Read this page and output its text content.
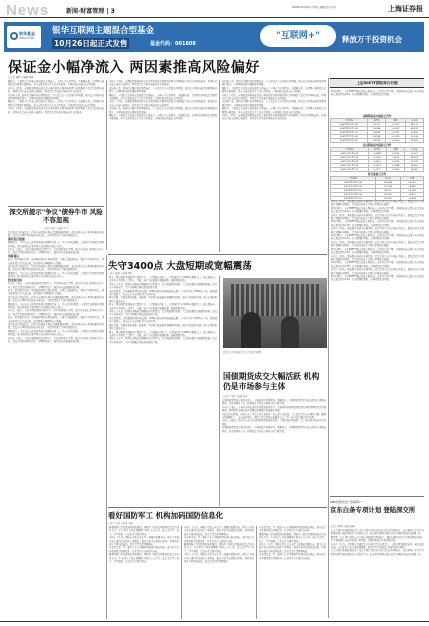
News	新闻·财富管理 | 3
2008年10月10日 星期五 编辑 版式 校对	上海证券报
银华基金
YINHUA FUND
银华互联网主题混合型基金
10月26日起正式发售	基金代码：001808
"互联网+"	释放万千投资机会
保证金小幅净流入 两因素推高风险偏好
○记者 黄嫣 ○编辑 刘畅

据统计，上周投资者证券交易结算资金净流入，市场人气有所回升。从数据来看，沪深两市新增投资者数量小幅增加，参与交易的投资者占比有所提高，市场活跃度较此前有所改善。

分析人士指出，宏观政策预期向好以及市场估值处于相对低位两大因素推高了投资者的风险偏好，短期内资金流入态势有望延续，但仍需关注外部市场波动带来的扰动。

从结构上看，机构资金继续保持谨慎态度，个人投资者入市意愿有所增强，部分资金开始向低估值蓝筹板块集中，市场风格或将出现阶段性切换。

据统计，上周投资者证券交易结算资金净流入，市场人气有所回升。从数据来看，沪深两市新增投资者数量小幅增加，参与交易的投资者占比有所提高，市场活跃度较此前有所改善。

分析人士指出，宏观政策预期向好以及市场估值处于相对低位两大因素推高了投资者的风险偏好，短期内资金流入态势有望延续，但仍需关注外部市场波动带来的扰动。

分析人士指出，宏观政策预期向好以及市场估值处于相对低位两大因素推高了投资者的风险偏好，短期内资金流入态势有望延续，但仍需关注外部市场波动带来的扰动。

从结构上看，机构资金继续保持谨慎态度，个人投资者入市意愿有所增强，部分资金开始向低估值蓝筹板块集中，市场风格或将出现阶段性切换。

据统计，上周投资者证券交易结算资金净流入，市场人气有所回升。从数据来看，沪深两市新增投资者数量小幅增加，参与交易的投资者占比有所提高，市场活跃度较此前有所改善。

分析人士指出，宏观政策预期向好以及市场估值处于相对低位两大因素推高了投资者的风险偏好，短期内资金流入态势有望延续，但仍需关注外部市场波动带来的扰动。

从结构上看，机构资金继续保持谨慎态度，个人投资者入市意愿有所增强，部分资金开始向低估值蓝筹板块集中，市场风格或将出现阶段性切换。

据统计，上周投资者证券交易结算资金净流入，市场人气有所回升。从数据来看，沪深两市新增投资者数量小幅增加，参与交易的投资者占比有所提高，市场活跃度较此前有所改善。

从结构上看，机构资金继续保持谨慎态度，个人投资者入市意愿有所增强，部分资金开始向低估值蓝筹板块集中，市场风格或将出现阶段性切换。

据统计，上周投资者证券交易结算资金净流入，市场人气有所回升。从数据来看，沪深两市新增投资者数量小幅增加，参与交易的投资者占比有所提高，市场活跃度较此前有所改善。

分析人士指出，宏观政策预期向好以及市场估值处于相对低位两大因素推高了投资者的风险偏好，短期内资金流入态势有望延续，但仍需关注外部市场波动带来的扰动。

从结构上看，机构资金继续保持谨慎态度，个人投资者入市意愿有所增强，部分资金开始向低估值蓝筹板块集中，市场风格或将出现阶段性切换。

据统计，上周投资者证券交易结算资金净流入，市场人气有所回升。从数据来看，沪深两市新增投资者数量小幅增加，参与交易的投资者占比有所提高，市场活跃度较此前有所改善。

分析人士指出，宏观政策预期向好以及市场估值处于相对低位两大因素推高了投资者的风险偏好，短期内资金流入态势有望延续，但仍需关注外部市场波动带来的扰动。

深交所提示"争议"债券牛市 风险不容忽视
○记者 刘伟 ○编辑 王平

深交所近日发布提示，指出当前债券市场在快速发展的同时，部分品种存在信用风险累积的问题，投资者应理性看待收益率的变化，审慎评估发行主体的偿债能力。

债券发行提速

数据显示，今年以来交易所债券发行规模持续扩大，中小企业私募债、公司债等品种发行量明显增加，部分债券的信用评级与实际风险状况存在偏差。

业内人士表示，在经济增速放缓的背景下，企业盈利能力下降，部分行业的信用风险有所上升，投资者需提高风险意识，合理配置资产，避免盲目追逐高收益品种。

风险提示

此外，监管部门将进一步加强对债券市场的监管，完善信息披露制度，强化中介机构责任，切实保护投资者合法权益，促进债券市场健康有序发展。

深交所近日发布提示，指出当前债券市场在快速发展的同时，部分品种存在信用风险累积的问题，投资者应理性看待收益率的变化，审慎评估发行主体的偿债能力。

数据显示，今年以来交易所债券发行规模持续扩大，中小企业私募债、公司债等品种发行量明显增加，部分债券的信用评级与实际风险状况存在偏差。

资金面分析

业内人士表示，在经济增速放缓的背景下，企业盈利能力下降，部分行业的信用风险有所上升，投资者需提高风险意识，合理配置资产，避免盲目追逐高收益品种。

此外，监管部门将进一步加强对债券市场的监管，完善信息披露制度，强化中介机构责任，切实保护投资者合法权益，促进债券市场健康有序发展。

深交所近日发布提示，指出当前债券市场在快速发展的同时，部分品种存在信用风险累积的问题，投资者应理性看待收益率的变化，审慎评估发行主体的偿债能力。

数据显示，今年以来交易所债券发行规模持续扩大，中小企业私募债、公司债等品种发行量明显增加，部分债券的信用评级与实际风险状况存在偏差。

业内人士表示，在经济增速放缓的背景下，企业盈利能力下降，部分行业的信用风险有所上升，投资者需提高风险意识，合理配置资产，避免盲目追逐高收益品种。

此外，监管部门将进一步加强对债券市场的监管，完善信息披露制度，强化中介机构责任，切实保护投资者合法权益，促进债券市场健康有序发展。

深交所近日发布提示，指出当前债券市场在快速发展的同时，部分品种存在信用风险累积的问题，投资者应理性看待收益率的变化，审慎评估发行主体的偿债能力。

数据显示，今年以来交易所债券发行规模持续扩大，中小企业私募债、公司债等品种发行量明显增加，部分债券的信用评级与实际风险状况存在偏差。

业内人士表示，在经济增速放缓的背景下，企业盈利能力下降，部分行业的信用风险有所上升，投资者需提高风险意识，合理配置资产，避免盲目追逐高收益品种。

失守3400点 大盘短期或宽幅震荡
○记者 陈静 ○编辑 郭磊

周五，两市股指双双低开后震荡下行，午后跌幅有所扩大，沪指最终失守3400点整数关口，成交量较前一交易日有所萎缩。盘面上，金融、地产等权重板块表现疲弱，拖累指数走低。

分析人士认为，短期内市场缺乏明确的方向性指引，资金观望情绪浓厚，大盘或将维持宽幅震荡格局。投资者应控制仓位，关注业绩确定性较高的优质个股。

从技术面看，沪指跌破短期均线支撑，3300点附近将构成较强支撑，上方压力位于3500点一线。量能能否有效放大，将决定后市反弹的力度与持续性。

板块方面，受政策利好刺激，新能源、半导体等成长板块表现相对活跃，部分个股逆势走强，显示市场结构性机会依然存在。

周五，两市股指双双低开后震荡下行，午后跌幅有所扩大，沪指最终失守3400点整数关口，成交量较前一交易日有所萎缩。盘面上，金融、地产等权重板块表现疲弱，拖累指数走低。

分析人士认为，短期内市场缺乏明确的方向性指引，资金观望情绪浓厚，大盘或将维持宽幅震荡格局。投资者应控制仓位，关注业绩确定性较高的优质个股。

从技术面看，沪指跌破短期均线支撑，3300点附近将构成较强支撑，上方压力位于3500点一线。量能能否有效放大，将决定后市反弹的力度与持续性。

板块方面，受政策利好刺激，新能源、半导体等成长板块表现相对活跃，部分个股逆势走强，显示市场结构性机会依然存在。

周五，两市股指双双低开后震荡下行，午后跌幅有所扩大，沪指最终失守3400点整数关口，成交量较前一交易日有所萎缩。盘面上，金融、地产等权重板块表现疲弱，拖累指数走低。

分析人士认为，短期内市场缺乏明确的方向性指引，资金观望情绪浓厚，大盘或将维持宽幅震荡格局。投资者应控制仓位，关注业绩确定性较高的优质个股。

投资者在营业部内关注大盘走势 资料图
国债期货成交大幅活跃 机构仍是市场参与主体
○记者 马婧 ○编辑 孙涛

近期国债期货成交量持续放大，市场活跃度显著提升。数据显示，本周国债期货日均成交量较上周增长明显，持仓量同步上升，机构投资者仍是市场参与的主要力量。

业内人士表示，在利率市场化进程持续推进的背景下，金融机构利用国债期货进行风险管理的需求不断增加，国债期货市场的价格发现和套期保值功能逐步显现。

从投资者结构看，证券公司、基金公司等机构客户的交易占比较高，个人投资者参与度相对有限。随着市场规模扩大，未来商业银行、保险公司等机构有望逐步入市，进一步丰富市场投资者结构。

分析人士建议，投资者应充分认识国债期货的风险特征，合理运用套期保值工具，防范利率波动带来的风险。

近期国债期货成交量持续放大，市场活跃度显著提升。数据显示，本周国债期货日均成交量较上周增长明显，持仓量同步上升，机构投资者仍是市场参与的主要力量。

看好国防军工 机构加码国防信息化
○记者 王媛 ○编辑 李强

随着国防信息化建设的加快推进，国防军工板块受到机构投资者的持续关注。多家基金公司近期调研了相关上市公司，重点关注军工电子、卫星导航、信息安全等细分领域。

分析人士认为，国防信息化是未来军工发展的重要方向，相关产业链企业有望持续受益于订单增长，板块具备中长期投资价值。但短期内部分个股估值偏高，投资者需注意回调风险。

从业绩来看，军工板块上市公司整体营收保持稳定增长，部分龙头企业盈利能力显著提升，行业景气度有望持续向好。

随着国防信息化建设的加快推进，国防军工板块受到机构投资者的持续关注。多家基金公司近期调研了相关上市公司，重点关注军工电子、卫星导航、信息安全等细分领域。

分析人士认为，国防信息化是未来军工发展的重要方向，相关产业链企业有望持续受益于订单增长，板块具备中长期投资价值。但短期内部分个股估值偏高，投资者需注意回调风险。

从业绩来看，军工板块上市公司整体营收保持稳定增长，部分龙头企业盈利能力显著提升，行业景气度有望持续向好。

随着国防信息化建设的加快推进，国防军工板块受到机构投资者的持续关注。多家基金公司近期调研了相关上市公司，重点关注军工电子、卫星导航、信息安全等细分领域。

分析人士认为，国防信息化是未来军工发展的重要方向，相关产业链企业有望持续受益于订单增长，板块具备中长期投资价值。但短期内部分个股估值偏高，投资者需注意回调风险。

从业绩来看，军工板块上市公司整体营收保持稳定增长，部分龙头企业盈利能力显著提升，行业景气度有望持续向好。

随着国防信息化建设的加快推进，国防军工板块受到机构投资者的持续关注。多家基金公司近期调研了相关上市公司，重点关注军工电子、卫星导航、信息安全等细分领域。

分析人士认为，国防信息化是未来军工发展的重要方向，相关产业链企业有望持续受益于订单增长，板块具备中长期投资价值。但短期内部分个股估值偏高，投资者需注意回调风险。

从业绩来看，军工板块上市公司整体营收保持稳定增长，部分龙头企业盈利能力显著提升，行业景气度有望持续向好。

上证50ETF期权每日行情

10月10日，上证50ETF期权总成交量较前一交易日有所下降，认购期权成交量与认沽期权成交量比值为1.25，持仓量继续增加，市场情绪趋于谨慎。

认购期权成交量前五合约
合约简称	收盘价	涨跌	成交量
50ETF购10月2.40	0.0521	-0.0113	58,213
50ETF购10月2.45	0.0286	-0.0092	46,870
50ETF购10月2.35	0.0869	-0.0137	32,455
50ETF购11月2.40	0.0918	-0.0105	21,306
50ETF购10月2.50	0.0141	-0.0060	19,872
认沽期权成交量前五合约
合约简称	收盘价	涨跌	成交量
50ETF沽10月2.40	0.0488	0.0102	51,027
50ETF沽10月2.35	0.0256	0.0071	38,614
50ETF沽10月2.45	0.0812	0.0139	27,339
50ETF沽11月2.35	0.0597	0.0088	18,450
50ETF沽10月2.30	0.0127	0.0035	15,962
持仓量前五合约
合约简称	持仓量	增减
50ETF购10月2.45	128,604	+6,215
50ETF沽10月2.35	112,350	+8,042
50ETF购10月2.50	98,771	+3,118
50ETF沽10月2.40	87,936	+5,627
50ETF购11月2.50	65,208	+2,904

分析人士指出，期权隐含波动率小幅回升，投资者对后市的分歧有所加大，建议投资者采用组合策略控制风险，关注标的价格在关键点位附近的表现。

10月10日，上证50ETF期权总成交量较前一交易日有所下降，认购期权成交量与认沽期权成交量比值为1.25，持仓量继续增加，市场情绪趋于谨慎。

分析人士指出，期权隐含波动率小幅回升，投资者对后市的分歧有所加大，建议投资者采用组合策略控制风险，关注标的价格在关键点位附近的表现。

10月10日，上证50ETF期权总成交量较前一交易日有所下降，认购期权成交量与认沽期权成交量比值为1.25，持仓量继续增加，市场情绪趋于谨慎。

分析人士指出，期权隐含波动率小幅回升，投资者对后市的分歧有所加大，建议投资者采用组合策略控制风险，关注标的价格在关键点位附近的表现。

10月10日，上证50ETF期权总成交量较前一交易日有所下降，认购期权成交量与认沽期权成交量比值为1.25，持仓量继续增加，市场情绪趋于谨慎。

分析人士指出，期权隐含波动率小幅回升，投资者对后市的分歧有所加大，建议投资者采用组合策略控制风险，关注标的价格在关键点位附近的表现。

10月10日，上证50ETF期权总成交量较前一交易日有所下降，认购期权成交量与认沽期权成交量比值为1.25，持仓量继续增加，市场情绪趋于谨慎。

分析人士指出，期权隐含波动率小幅回升，投资者对后市的分歧有所加大，建议投资者采用组合策略控制风险，关注标的价格在关键点位附近的表现。

10月10日，上证50ETF期权总成交量较前一交易日有所下降，认购期权成交量与认沽期权成交量比值为1.25，持仓量继续增加，市场情绪趋于谨慎。

分析人士指出，期权隐含波动率小幅回升，投资者对后市的分歧有所加大，建议投资者采用组合策略控制风险，关注标的价格在关键点位附近的表现。

10月10日，上证50ETF期权总成交量较前一交易日有所下降，认购期权成交量与认沽期权成交量比值为1.25，持仓量继续增加，市场情绪趋于谨慎。

ABS再度出击"互联网+"
京东白条专项计划 登陆深交所
○记者 朱珠 ○编辑 刘畅

京东白条应收账款债权资产支持专项计划日前正式在深交所挂牌转让，这是国内首个基于互联网消费金融业务的资产证券化产品，标志着互联网金融与资本市场的对接迈出重要一步。

据介绍，该专项计划以京东白条应收账款为基础资产，通过结构化设计分为优先级和次级，其中优先级产品获得较高信用评级，受到机构投资者的积极认购。

业内人士认为，互联网企业通过资产证券化盘活存量资产，有助于降低融资成本、拓宽融资渠道，未来此类产品有望快速发展，但也需关注基础资产质量及相关风险。

京东白条应收账款债权资产支持专项计划日前正式在深交所挂牌转让，这是国内首个基于互联网消费金融业务的资产证券化产品，标志着互联网金融与资本市场的对接迈出重要一步。
